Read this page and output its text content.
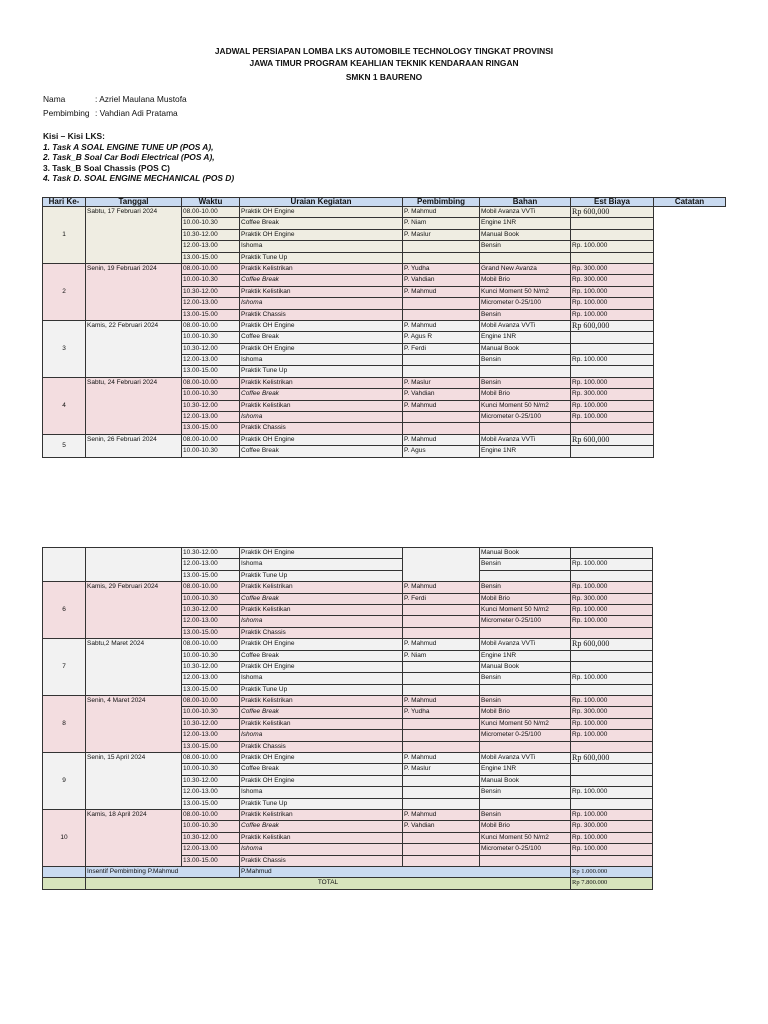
JADWAL PERSIAPAN LOMBA LKS AUTOMOBILE TECHNOLOGY TINGKAT PROVINSI
JAWA TIMUR PROGRAM KEAHLIAN TEKNIK KENDARAAN RINGAN
SMKN 1 BAURENO
Nama	: Azriel Maulana Mustofa
Pembimbing : Vahdian Adi Pratama
Kisi – Kisi LKS:
1. Task A SOAL ENGINE TUNE UP (POS A),
2. Task_B Soal Car Bodi Electrical (POS A),
3. Task_B Soal Chassis (POS C)
4. Task D. SOAL ENGINE MECHANICAL (POS D)
Hari Ke-	Tanggal	Waktu	Uraian Kegiatan	Pembimbing	Bahan	Est Biaya	Catatan
1	Sabtu, 17 Februari 2024	08.00-10.00	Praktik OH Engine	P. Mahmud	Mobil Avanza VVTi	Rp 600,000	
		10.00-10.30	Coffee Break	P. Niam	Engine 1NR		
		10.30-12.00	Praktik OH Engine	P. Maslur	Manual Book		
		12.00-13.00	Ishoma		Bensin	Rp. 100.000	
		13.00-15.00	Praktik Tune Up				
2	Senin, 19 Februari 2024	08.00-10.00	Praktik Kelistrikan	P. Yudha	Grand New Avanza	Rp. 300.000	
		10.00-10.30	Coffee Break	P. Vahdian	Mobil Brio	Rp. 300.000	
		10.30-12.00	Praktik Kelistikan	P. Mahmud	Kunci Moment 50 N/m2	Rp. 100.000	
		12.00-13.00	Ishoma		Micrometer 0-25/100	Rp. 100.000	
		13.00-15.00	Praktik Chassis		Bensin	Rp. 100.000	
3	Kamis, 22 Februari 2024	08.00-10.00	Praktik OH Engine	P. Mahmud	Mobil Avanza VVTi	Rp 600,000	
		10.00-10.30	Coffee Break	P. Agus R	Engine 1NR		
		10.30-12.00	Praktik OH Engine	P. Ferdi	Manual Book		
		12.00-13.00	Ishoma		Bensin	Rp. 100.000	
		13.00-15.00	Praktik Tune Up				
4	Sabtu, 24 Februari 2024	08.00-10.00	Praktik Kelistrikan	P. Maslur	Bensin	Rp. 100.000	
		10.00-10.30	Coffee Break	P. Vahdian	Mobil Brio	Rp. 300.000	
		10.30-12.00	Praktik Kelistikan	P. Mahmud	Kunci Moment 50 N/m2	Rp. 100.000	
		12.00-13.00	Ishoma		Micrometer 0-25/100	Rp. 100.000	
		13.00-15.00	Praktik Chassis				
5	Senin, 26 Februari 2024	08.00-10.00	Praktik OH Engine	P. Mahmud	Mobil Avanza VVTi	Rp 600,000	
		10.00-10.30	Coffee Break	P. Agus	Engine 1NR		
		10.30-12.00	Praktik OH Engine		Manual Book	
		12.00-13.00	Ishoma		Bensin	Rp. 100.000
		13.00-15.00	Praktik Tune Up			
6	Kamis, 29 Februari 2024	08.00-10.00	Praktik Kelistrikan	P. Mahmud	Bensin	Rp. 100.000
		10.00-10.30	Coffee Break	P. Ferdi	Mobil Brio	Rp. 300.000
		10.30-12.00	Praktik Kelistikan		Kunci Moment 50 N/m2	Rp. 100.000
		12.00-13.00	Ishoma		Micrometer 0-25/100	Rp. 100.000
		13.00-15.00	Praktik Chassis			
7	Sabtu,2 Maret 2024	08.00-10.00	Praktik OH Engine	P. Mahmud	Mobil Avanza VVTi	Rp 600,000
		10.00-10.30	Coffee Break	P. Niam	Engine 1NR	
		10.30-12.00	Praktik OH Engine		Manual Book	
		12.00-13.00	Ishoma		Bensin	Rp. 100.000
		13.00-15.00	Praktik Tune Up			
8	Senin, 4 Maret 2024	08.00-10.00	Praktik Kelistrikan	P. Mahmud	Bensin	Rp. 100.000
		10.00-10.30	Coffee Break	P. Yudha	Mobil Brio	Rp. 300.000
		10.30-12.00	Praktik Kelistikan		Kunci Moment 50 N/m2	Rp. 100.000
		12.00-13.00	Ishoma		Micrometer 0-25/100	Rp. 100.000
		13.00-15.00	Praktik Chassis			
9	Senin, 15 April 2024	08.00-10.00	Praktik OH Engine	P. Mahmud	Mobil Avanza VVTi	Rp 600,000
		10.00-10.30	Coffee Break	P. Maslur	Engine 1NR	
		10.30-12.00	Praktik OH Engine		Manual Book	
		12.00-13.00	Ishoma		Bensin	Rp. 100.000
		13.00-15.00	Praktik Tune Up			
10	Kamis, 18 April 2024	08.00-10.00	Praktik Kelistrikan	P. Mahmud	Bensin	Rp. 100.000
		10.00-10.30	Coffee Break	P. Vahdian	Mobil Brio	Rp. 300.000
		10.30-12.00	Praktik Kelistikan		Kunci Moment 50 N/m2	Rp. 100.000
		12.00-13.00	Ishoma		Micrometer 0-25/100	Rp. 100.000
		13.00-15.00	Praktik Chassis			
	Insentif Pembimbing P.Mahmud		P.Mahmud			Rp 1.000.000
	TOTAL					Rp 7.800.000
